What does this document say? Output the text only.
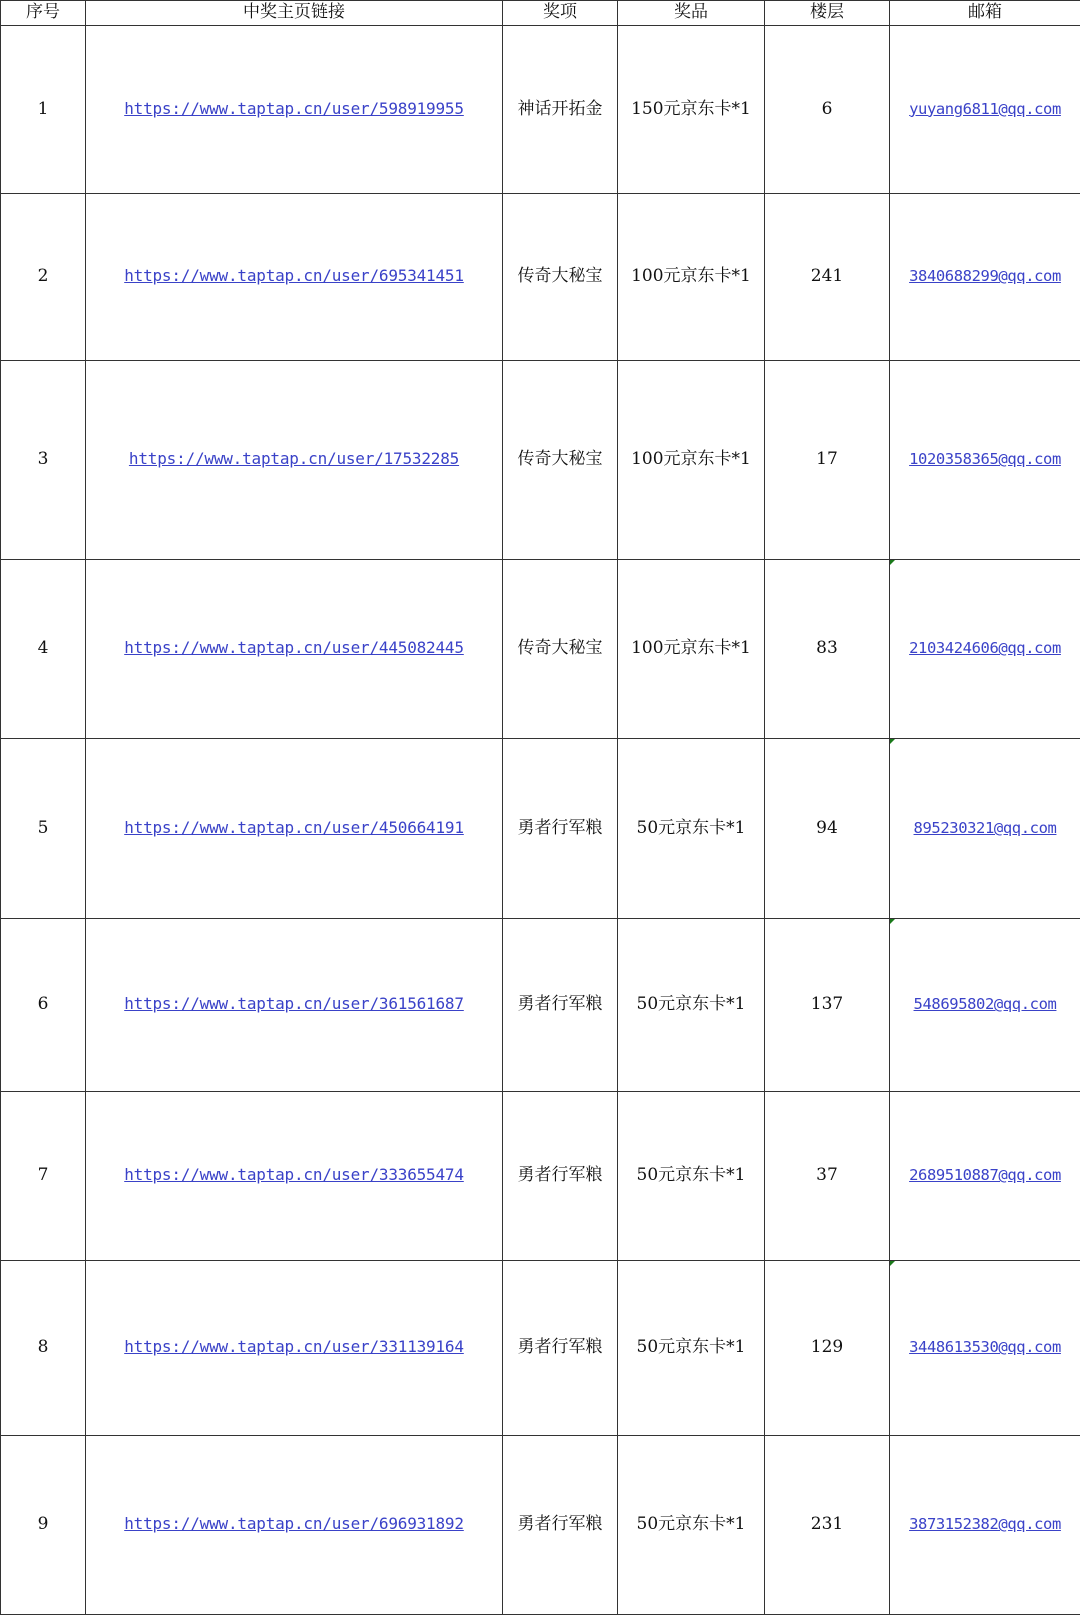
序号	中奖主页链接	奖项	奖品	楼层	邮箱
1	https://www.taptap.cn/user/598919955	神话开拓金	150元京东卡*1	6	yuyang6811@qq.com
2	https://www.taptap.cn/user/695341451	传奇大秘宝	100元京东卡*1	241	3840688299@qq.com
3	https://www.taptap.cn/user/17532285	传奇大秘宝	100元京东卡*1	17	1020358365@qq.com
4	https://www.taptap.cn/user/445082445	传奇大秘宝	100元京东卡*1	83	2103424606@qq.com
5	https://www.taptap.cn/user/450664191	勇者行军粮	50元京东卡*1	94	895230321@qq.com
6	https://www.taptap.cn/user/361561687	勇者行军粮	50元京东卡*1	137	548695802@qq.com
7	https://www.taptap.cn/user/333655474	勇者行军粮	50元京东卡*1	37	2689510887@qq.com
8	https://www.taptap.cn/user/331139164	勇者行军粮	50元京东卡*1	129	3448613530@qq.com
9	https://www.taptap.cn/user/696931892	勇者行军粮	50元京东卡*1	231	3873152382@qq.com
